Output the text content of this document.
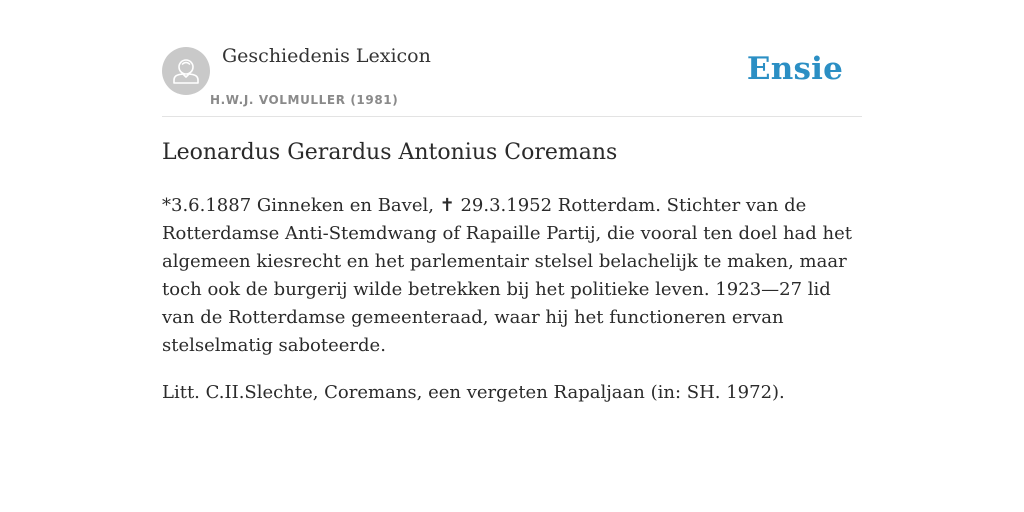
Geschiedenis Lexicon
H.W.J. VOLMULLER (1981)
Ensie
Leonardus Gerardus Antonius Coremans

*3.6.1887 Ginneken en Bavel, ✝ 29.3.1952 Rotterdam. Stichter van de Rotterdamse Anti-Stemdwang of Rapaille Partij, die vooral ten doel had het algemeen kiesrecht en het parlementair stelsel belachelijk te maken, maar toch ook de burgerij wilde betrekken bij het politieke leven. 1923—27 lid van de Rotterdamse gemeenteraad, waar hij het functioneren ervan stelselmatig saboteerde.

Litt. C.II.Slechte, Coremans, een vergeten Rapaljaan (in: SH. 1972).
